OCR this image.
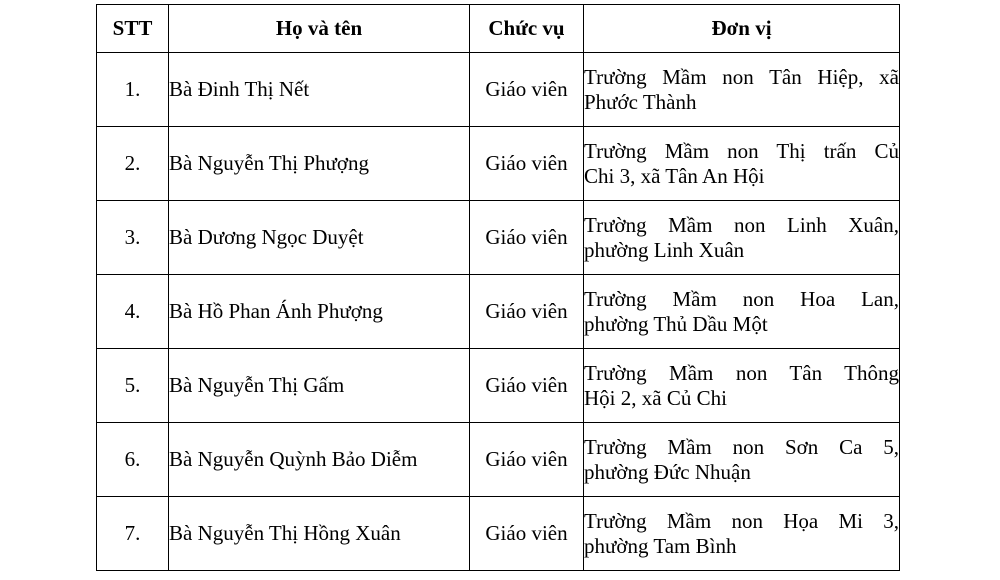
STT	Họ và tên	Chức vụ	Đơn vị
1.	Bà Đinh Thị Nết	Giáo viên	Trường Mầm non Tân Hiệp, xã
Phước Thành

2.	Bà Nguyễn Thị Phượng	Giáo viên	Trường Mầm non Thị trấn Củ
Chi 3, xã Tân An Hội

3.	Bà Dương Ngọc Duyệt	Giáo viên	Trường Mầm non Linh Xuân,
phường Linh Xuân

4.	Bà Hồ Phan Ánh Phượng	Giáo viên	Trường Mầm non Hoa Lan,
phường Thủ Dầu Một

5.	Bà Nguyễn Thị Gấm	Giáo viên	Trường Mầm non Tân Thông
Hội 2, xã Củ Chi

6.	Bà Nguyễn Quỳnh Bảo Diễm	Giáo viên	Trường Mầm non Sơn Ca 5,
phường Đức Nhuận

7.	Bà Nguyễn Thị Hồng Xuân	Giáo viên	Trường Mầm non Họa Mi 3,
phường Tam Bình
